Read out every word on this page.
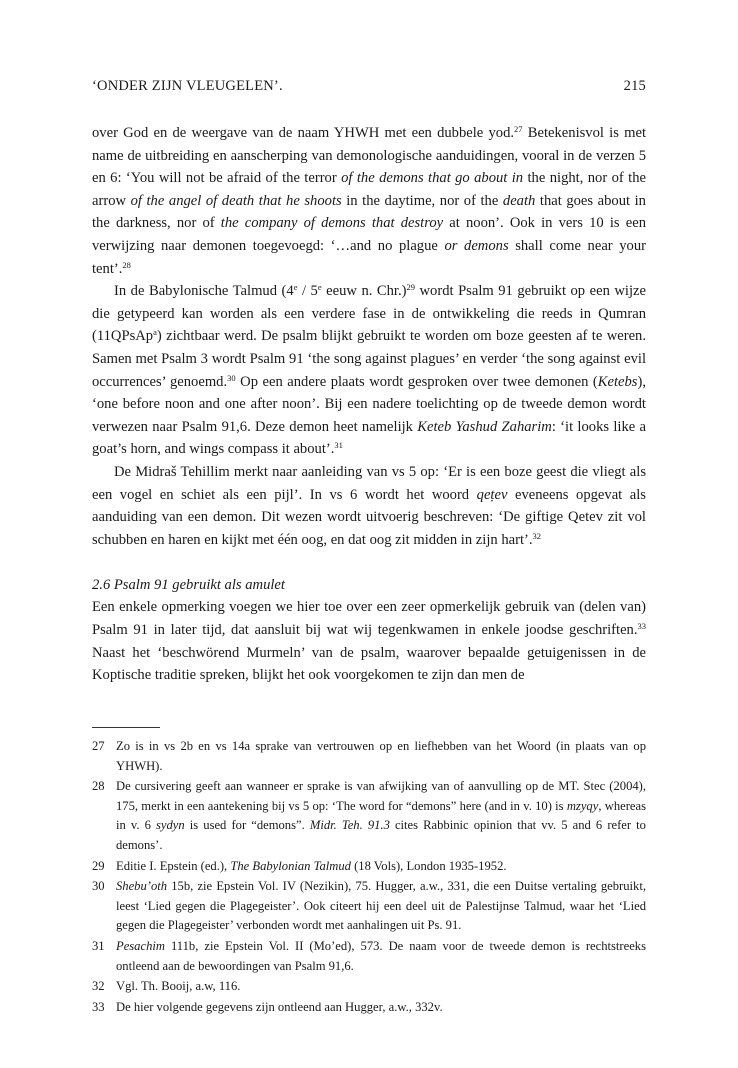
‘ONDER ZIJN VLEUGELEN’.	215

over God en de weergave van de naam YHWH met een dubbele yod.$^{27}$ Betekenisvol is met name de uitbreiding en aanscherping van demonologische aanduidingen, vooral in de verzen 5 en 6: ‘You will not be afraid of the terror of the demons that go about in the night, nor of the arrow of the angel of death that he shoots in the daytime, nor of the death that goes about in the darkness, nor of the company of demons that destroy at noon’. Ook in vers 10 is een verwijzing naar demonen toegevoegd: ‘…and no plague or demons shall come near your tent’.$^{28}$

In de Babylonische Talmud (4e / 5e eeuw n. Chr.)$^{29}$ wordt Psalm 91 gebruikt op een wijze die getypeerd kan worden als een verdere fase in de ontwikkeling die reeds in Qumran (11QPsAp$^a$) zichtbaar werd. De psalm blijkt gebruikt te worden om boze geesten af te weren. Samen met Psalm 3 wordt Psalm 91 ‘the song against plagues’ en verder ‘the song against evil occurrences’ genoemd.$^{30}$ Op een andere plaats wordt gesproken over twee demonen (Ketebs), ‘one before noon and one after noon’. Bij een nadere toelichting op de tweede demon wordt verwezen naar Psalm 91,6. Deze demon heet namelijk Keteb Yashud Zaharim: ‘it looks like a goat’s horn, and wings compass it about’.$^{31}$

De Midraš Tehillim merkt naar aanleiding van vs 5 op: ‘Er is een boze geest die vliegt als een vogel en schiet als een pijl’. In vs 6 wordt het woord qeṭev eveneens opgevat als aanduiding van een demon. Dit wezen wordt uitvoerig beschreven: ‘De giftige Qetev zit vol schubben en haren en kijkt met één oog, en dat oog zit midden in zijn hart’.$^{32}$

2.6 Psalm 91 gebruikt als amulet

Een enkele opmerking voegen we hier toe over een zeer opmerkelijk gebruik van (delen van) Psalm 91 in later tijd, dat aansluit bij wat wij tegenkwamen in enkele joodse geschriften.$^{33}$ Naast het ‘beschwörend Murmeln’ van de psalm, waarover bepaalde getuigenissen in de Koptische traditie spreken, blijkt het ook voorgekomen te zijn dan men de

27 Zo is in vs 2b en vs 14a sprake van vertrouwen op en liefhebben van het Woord (in plaats van op YHWH).
28 De cursivering geeft aan wanneer er sprake is van afwijking van of aanvulling op de MT. Stec (2004), 175, merkt in een aantekening bij vs 5 op: ‘The word for “demons” here (and in v. 10) is mzyqy, whereas in v. 6 sydyn is used for “demons”. Midr. Teh. 91.3 cites Rabbinic opinion that vv. 5 and 6 refer to demons’.
29 Editie I. Epstein (ed.), The Babylonian Talmud (18 Vols), London 1935-1952.
30 Shebu’oth 15b, zie Epstein Vol. IV (Nezikin), 75. Hugger, a.w., 331, die een Duitse vertaling gebruikt, leest ‘Lied gegen die Plagegeister’. Ook citeert hij een deel uit de Palestijnse Talmud, waar het ‘Lied gegen die Plagegeister’ verbonden wordt met aanhalingen uit Ps. 91.
31 Pesachim 111b, zie Epstein Vol. II (Mo’ed), 573. De naam voor de tweede demon is rechtstreeks ontleend aan de bewoordingen van Psalm 91,6.
32 Vgl. Th. Booij, a.w, 116.
33 De hier volgende gegevens zijn ontleend aan Hugger, a.w., 332v.
